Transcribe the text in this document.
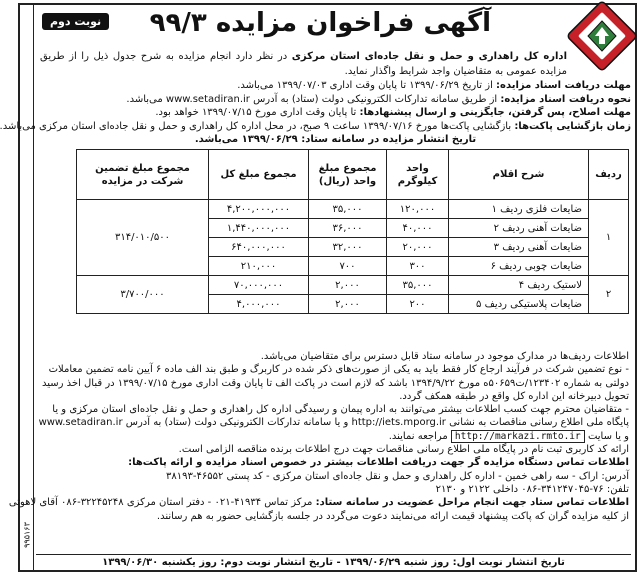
۹۹۵۱۶۳
آگهی فراخوان مزایده ۹۹/۳
نوبت دوم
اداره کل راهداری و حمل و نقل جاده‌ای استان مرکزی در نظر دارد انجام مزایده به شرح جدول ذیل را از طریق مزایده عمومی به متقاضیان واجد شرایط واگذار نماید.
مهلت دریافت اسناد مزایده: از تاریخ ۱۳۹۹/۰۶/۲۹ تا پایان وقت اداری ۱۳۹۹/۰۷/۰۳ می‌باشد.
نحوه دریافت اسناد مزایده: از طریق سامانه تدارکات الکترونیکی دولت (ستاد) به آدرس www.setadiran.ir می‌باشد.
مهلت اصلاح، پس گرفتن، جایگزینی و ارسال پیشنهادها: تا پایان وقت اداری مورخ ۱۳۹۹/۰۷/۱۵ خواهد بود.
زمان بازگشایی پاکت‌ها: بازگشایی پاکت‌ها مورخ ۱۳۹۹/۰۷/۱۶ ساعت ۹ صبح، در محل اداره کل راهداری و حمل و نقل جاده‌ای استان مرکزی می‌باشد.
تاریخ انتشار مزایده در سامانه ستاد: ۱۳۹۹/۰۶/۲۹ می‌باشد.
ردیف	شرح اقلام	واحد کیلوگرم	مجموع مبلغ واحد (ریال)	مجموع مبلغ کل	مجموع مبلغ تضمین شرکت در مزایده
۱	ضایعات فلزی ردیف ۱	۱۲۰,۰۰۰	۳۵,۰۰۰	۴,۲۰۰,۰۰۰,۰۰۰	۳۱۴/۰۱۰/۵۰۰
	ضایعات آهنی ردیف ۲	۴۰,۰۰۰	۳۶,۰۰۰	۱,۴۴۰,۰۰۰,۰۰۰	
	ضایعات آهنی ردیف ۳	۲۰,۰۰۰	۳۲,۰۰۰	۶۴۰,۰۰۰,۰۰۰	
	ضایعات چوبی ردیف ۶	۳۰۰	۷۰۰	۲۱۰,۰۰۰	
۲	لاستیک ردیف ۴	۳۵,۰۰۰	۲,۰۰۰	۷۰,۰۰۰,۰۰۰	۳/۷۰۰/۰۰۰
	ضایعات پلاستیکی ردیف ۵	۲۰۰	۲,۰۰۰	۴,۰۰۰,۰۰۰	
اطلاعات ردیف‌ها در مدارک موجود در سامانه ستاد قابل دسترس برای متقاضیان می‌باشد.
- نوع تضمین شرکت در فرآیند ارجاع کار فقط باید به یکی از صورت‌های ذکر شده در کاربرگ و طبق بند الف ماده ۶ آیین نامه تضمین معاملات
دولتی به شماره ۱۲۳۴۰۲/ت۵۰۶۵۹ه مورخ ۱۳۹۴/۹/۲۲ باشد که لازم است در پاکت الف تا پایان وقت اداری مورخ ۱۳۹۹/۰۷/۱۵ در قبال اخذ رسید
تحویل دبیرخانه این اداره کل واقع در طبقه همکف گردد.
- متقاضیان محترم جهت کسب اطلاعات بیشتر می‌توانند به اداره پیمان و رسیدگی اداره کل راهداری و حمل و نقل جاده‌ای استان مرکزی و یا
پایگاه ملی اطلاع رسانی مناقصات به نشانی http://iets.mporg.ir و یا سامانه تدارکات الکترونیکی دولت (ستاد) به آدرس www.setadiran.ir
و یا سایت http://markazi.rmto.ir مراجعه نمایند.
ارائه کد کاربری ثبت نام در پایگاه ملی اطلاع رسانی مناقصات جهت درج اطلاعات برنده مناقصه الزامی است.
اطلاعات تماس دستگاه مزایده گر جهت دریافت اطلاعات بیشتر در خصوص اسناد مزایده و ارائه پاکت‌ها:
آدرس: اراک - سه راهی خمین - اداره کل راهداری و حمل و نقل جاده‌ای استان مرکزی - کد پستی ۴۶۵۵۲-۳۸۱۹۳
تلفن: ۷۶-۳۴۱۲۴۷۰۴۵-۰۸۶ داخلی ۲۱۲۲ و ۲۱۳۰
اطلاعات تماس ستاد جهت انجام مراحل عضویت در سامانه ستاد: مرکز تماس ۴۱۹۳۴-۰۲۱ - دفتر استان مرکزی ۳۲۲۴۵۲۴۸-۰۸۶ آقای لاهوتی
از کلیه مزایده گران که پاکت پیشنهاد قیمت ارائه می‌نمایند دعوت می‌گردد در جلسه بازگشایی حضور به هم رسانند.
تاریخ انتشار نوبت اول: روز شنبه ۱۳۹۹/۰۶/۲۹ - تاریخ انتشار نوبت دوم: روز یکشنبه ۱۳۹۹/۰۶/۳۰
